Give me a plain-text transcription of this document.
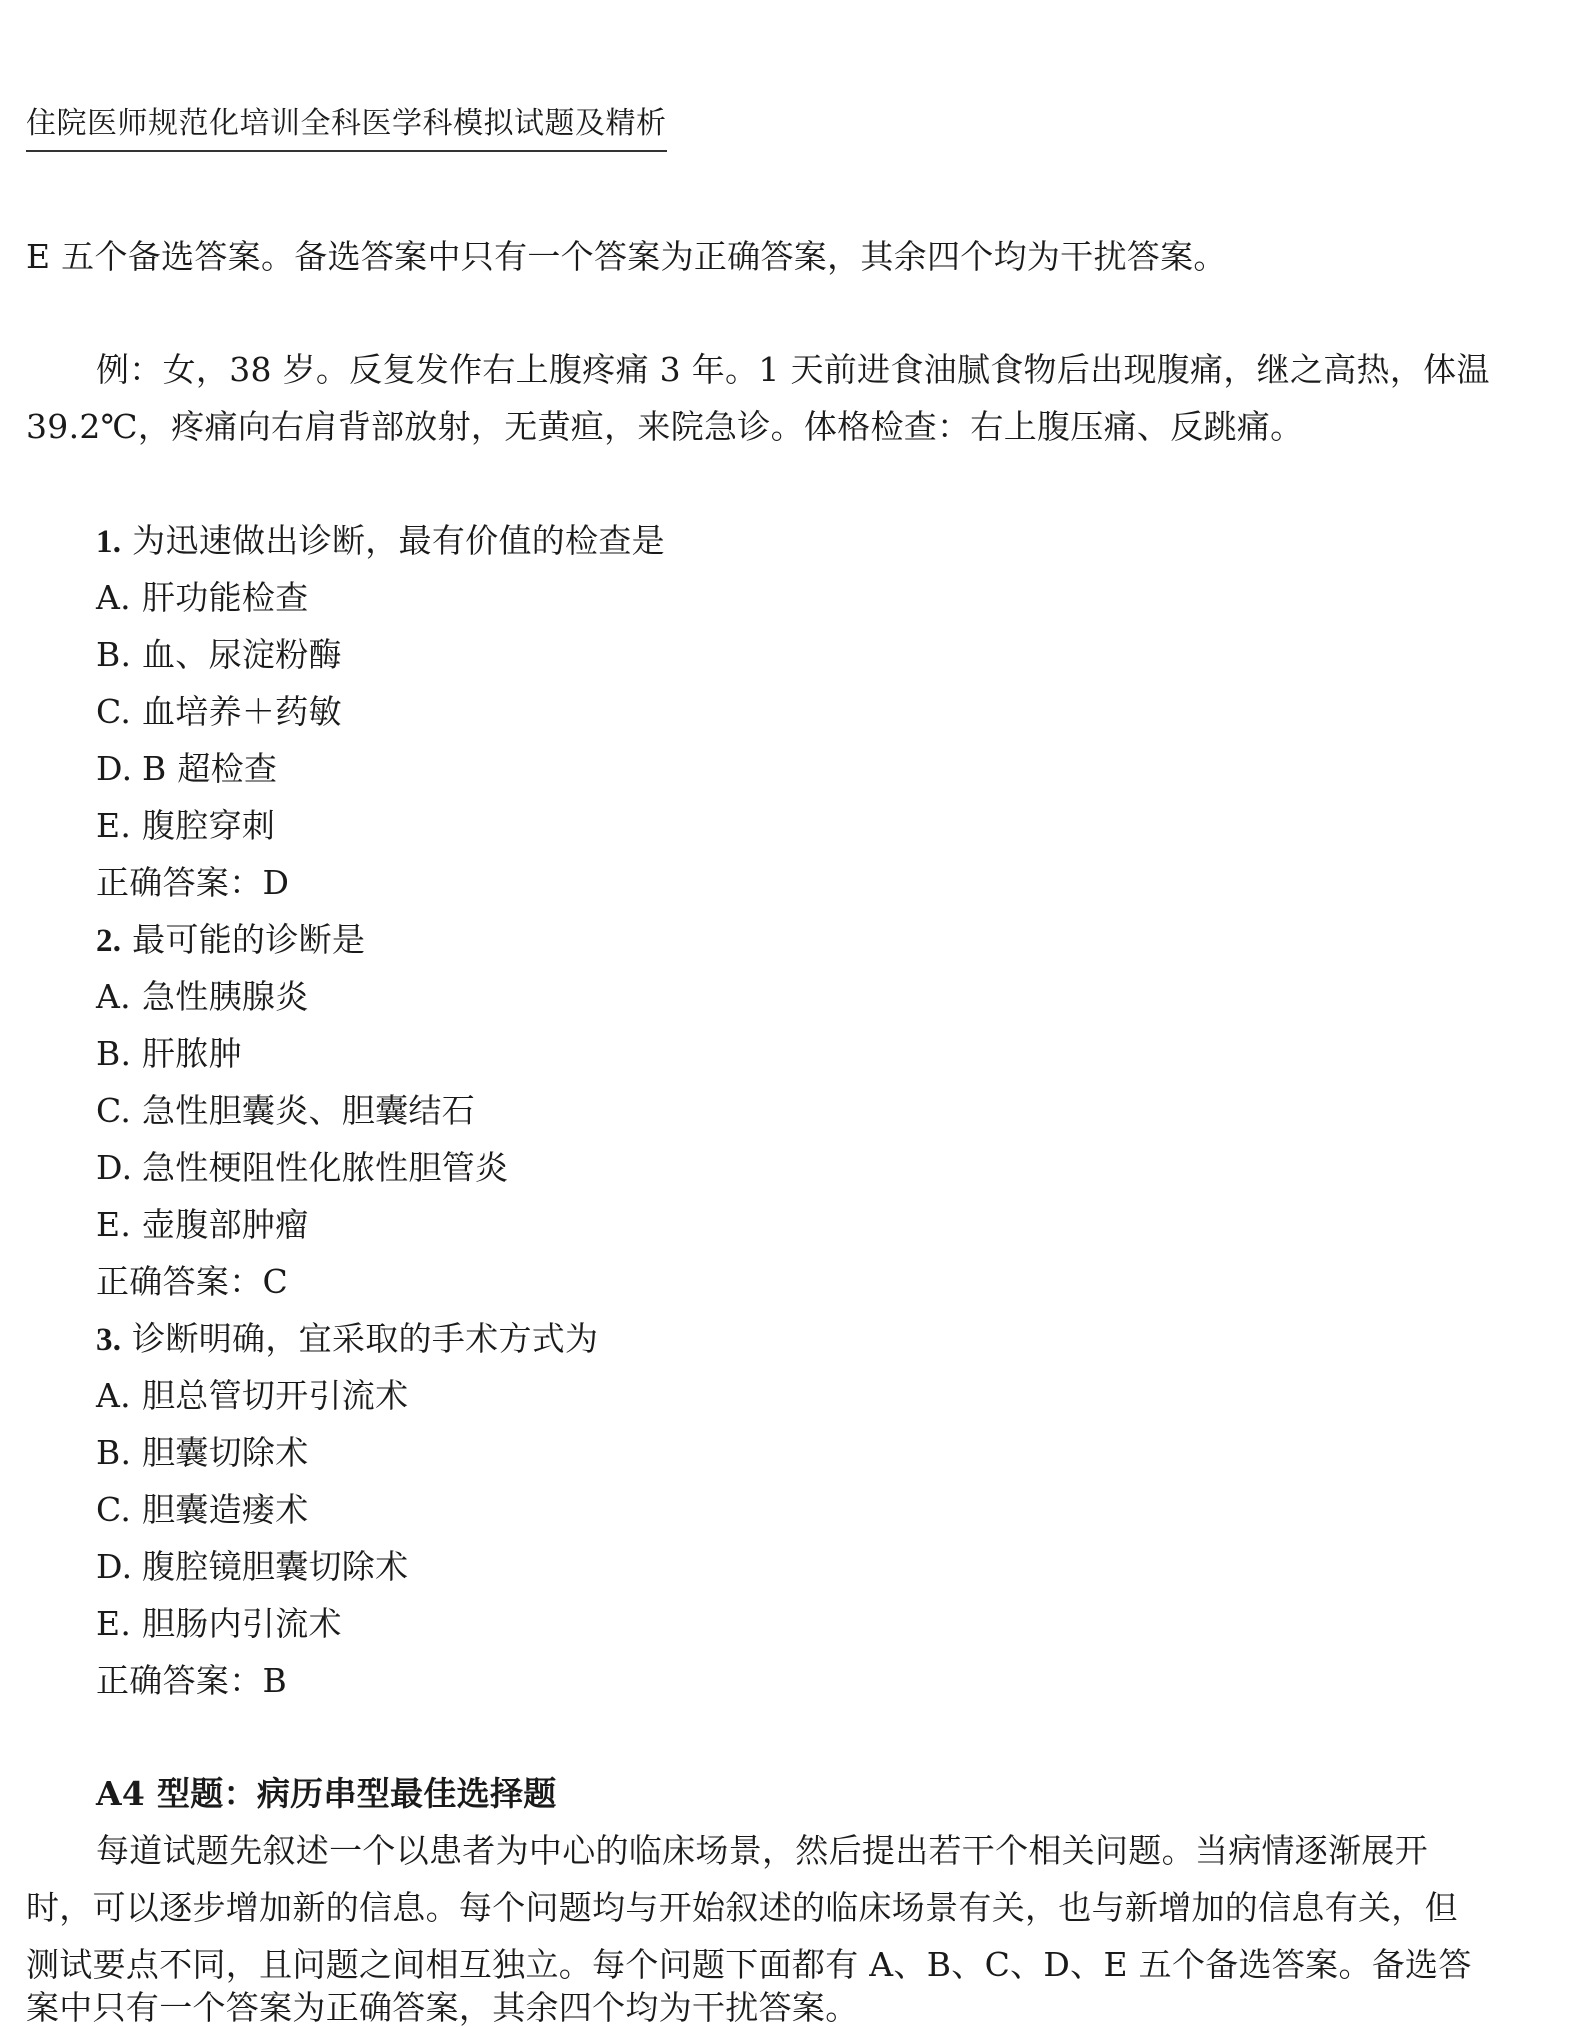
住院医师规范化培训全科医学科模拟试题及精析
E 五个备选答案。备选答案中只有一个答案为正确答案，其余四个均为干扰答案。
例：女，38 岁。反复发作右上腹疼痛 3 年。1 天前进食油腻食物后出现腹痛，继之高热，体温
39.2℃，疼痛向右肩背部放射，无黄疸，来院急诊。体格检查：右上腹压痛、反跳痛。
1. 为迅速做出诊断，最有价值的检查是
A. 肝功能检查
B. 血、尿淀粉酶
C. 血培养＋药敏
D. B 超检查
E. 腹腔穿刺
正确答案：D
2. 最可能的诊断是
A. 急性胰腺炎
B. 肝脓肿
C. 急性胆囊炎、胆囊结石
D. 急性梗阻性化脓性胆管炎
E. 壶腹部肿瘤
正确答案：C
3. 诊断明确，宜采取的手术方式为
A. 胆总管切开引流术
B. 胆囊切除术
C. 胆囊造瘘术
D. 腹腔镜胆囊切除术
E. 胆肠内引流术
正确答案：B
A4 型题：病历串型最佳选择题
每道试题先叙述一个以患者为中心的临床场景，然后提出若干个相关问题。当病情逐渐展开
时，可以逐步增加新的信息。每个问题均与开始叙述的临床场景有关，也与新增加的信息有关，但
测试要点不同，且问题之间相互独立。每个问题下面都有 A、B、C、D、E 五个备选答案。备选答
案中只有一个答案为正确答案，其余四个均为干扰答案。
